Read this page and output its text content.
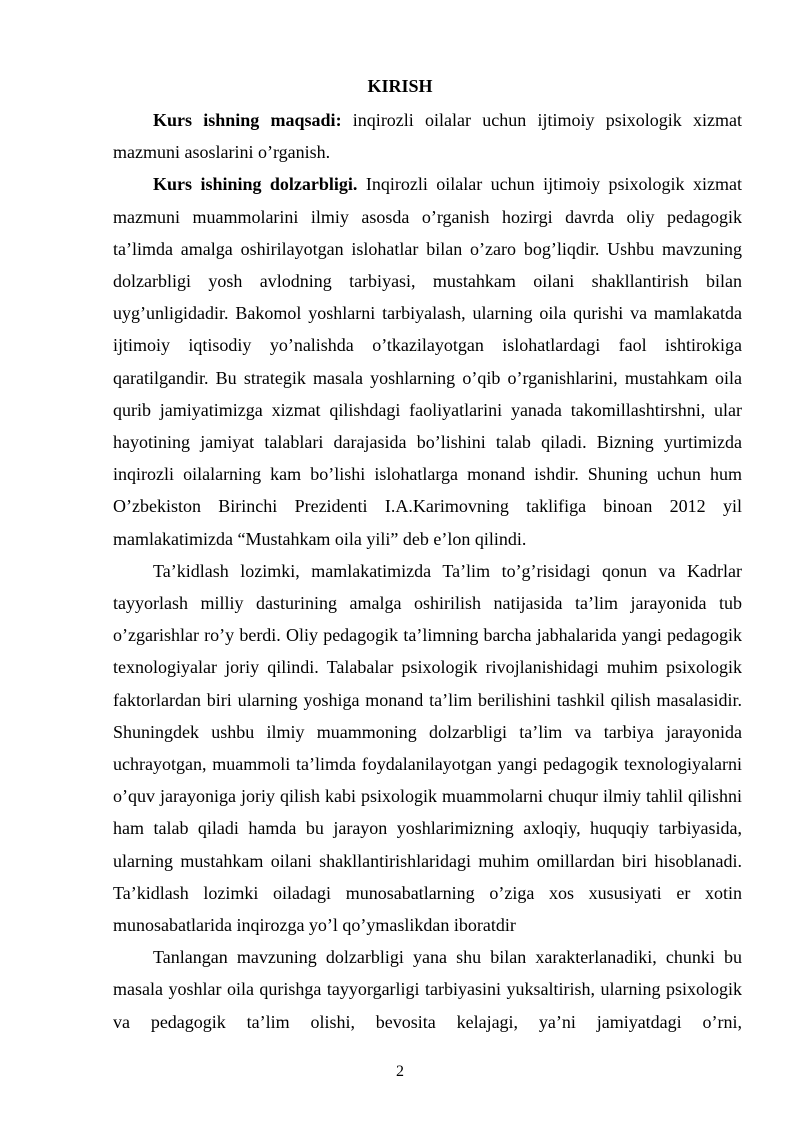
KIRISH

Kurs ishning maqsadi: inqirozli oilalar uchun ijtimoiy psixologik xizmat mazmuni asoslarini o’rganish.

Kurs ishining dolzarbligi. Inqirozli oilalar uchun ijtimoiy psixologik xizmat mazmuni muammolarini ilmiy asosda o’rganish hozirgi davrda oliy pedagogik ta’limda amalga oshirilayotgan islohatlar bilan o’zaro bog’liqdir. Ushbu mavzuning dolzarbligi yosh avlodning tarbiyasi, mustahkam oilani shakllantirish bilan uyg’unligidadir. Bakomol yoshlarni tarbiyalash, ularning oila qurishi va mamlakatda ijtimoiy iqtisodiy yo’nalishda o’tkazilayotgan islohatlardagi faol ishtirokiga qaratilgandir. Bu strategik masala yoshlarning o’qib o’rganishlarini, mustahkam oila qurib jamiyatimizga xizmat qilishdagi faoliyatlarini yanada takomillashtirshni, ular hayotining jamiyat talablari darajasida bo’lishini talab qiladi. Bizning yurtimizda inqirozli oilalarning kam bo’lishi islohatlarga monand ishdir. Shuning uchun hum O’zbekiston Birinchi Prezidenti I.A.Karimovning taklifiga binoan 2012 yil mamlakatimizda “Mustahkam oila yili” deb e’lon qilindi.

Ta’kidlash lozimki, mamlakatimizda Ta’lim to’g’risidagi qonun va Kadrlar tayyorlash milliy dasturining amalga oshirilish natijasida ta’lim jarayonida tub o’zgarishlar ro’y berdi. Oliy pedagogik ta’limning barcha jabhalarida yangi pedagogik texnologiyalar joriy qilindi. Talabalar psixologik rivojlanishidagi muhim psixologik faktorlardan biri ularning yoshiga monand ta’lim berilishini tashkil qilish masalasidir. Shuningdek ushbu ilmiy muammoning dolzarbligi ta’lim va tarbiya jarayonida uchrayotgan, muammoli ta’limda foydalanilayotgan yangi pedagogik texnologiyalarni o’quv jarayoniga joriy qilish kabi psixologik muammolarni chuqur ilmiy tahlil qilishni ham talab qiladi hamda bu jarayon yoshlarimizning axloqiy, huquqiy tarbiyasida, ularning mustahkam oilani shakllantirishlaridagi muhim omillardan biri hisoblanadi. Ta’kidlash lozimki oiladagi munosabatlarning o’ziga xos xususiyati er xotin munosabatlarida inqirozga yo’l qo’ymaslikdan iboratdir

Tanlangan mavzuning dolzarbligi yana shu bilan xarakterlanadiki, chunki bu masala yoshlar oila qurishga tayyorgarligi tarbiyasini yuksaltirish, ularning psixologik va pedagogik ta’lim olishi, bevosita kelajagi, ya’ni jamiyatdagi o’rni,

2
